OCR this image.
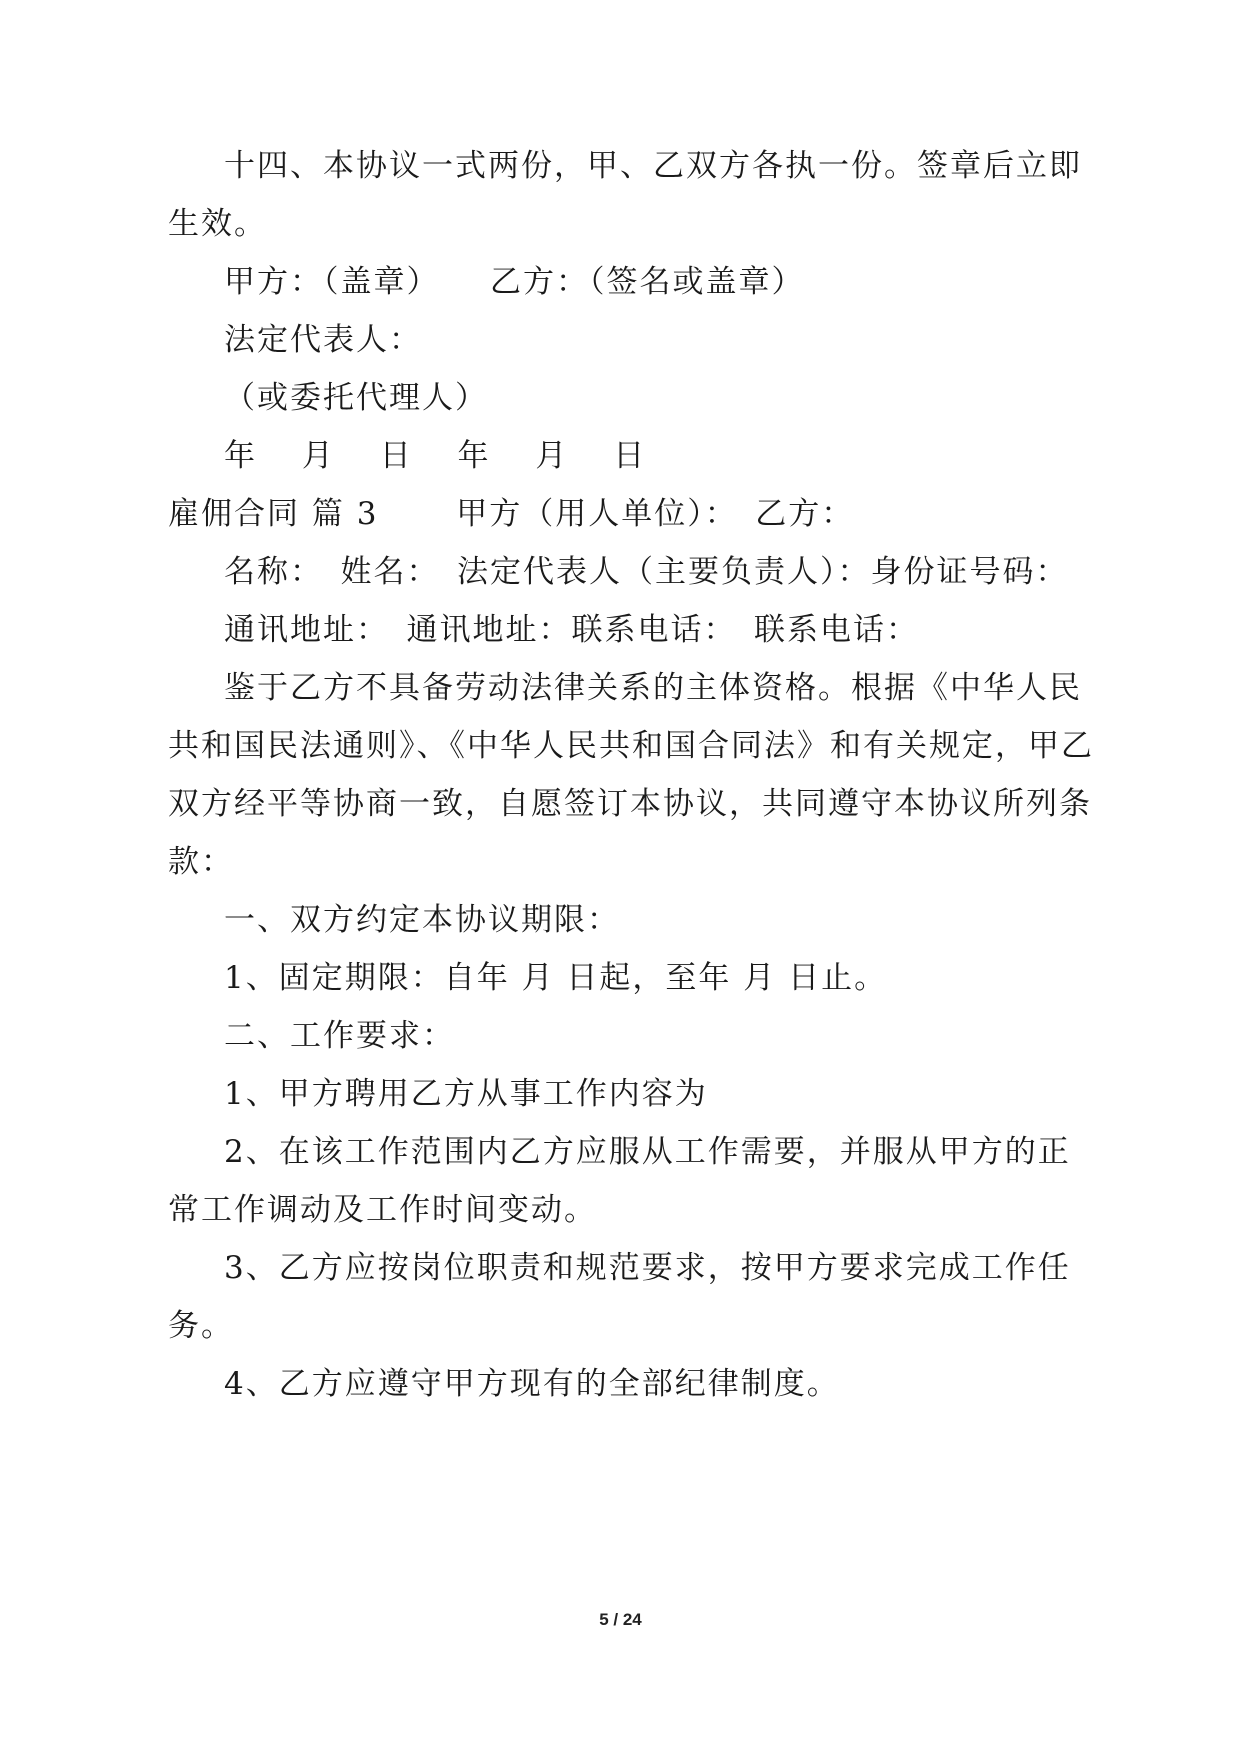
十四、本协议一式两份，甲、乙双方各执一份。签章后立即
生效。
甲方：（盖章）　　乙方：（签名或盖章）
法定代表人：
（或委托代理人）
年　 月　 日　 年　 月　 日
雇佣合同 篇 3　　 甲方（用人单位）：　乙方：
名称：　姓名：　法定代表人（主要负责人）：身份证号码：
通讯地址：　通讯地址：联系电话：　联系电话：
鉴于乙方不具备劳动法律关系的主体资格。根据《中华人民
共和国民法通则》、《中华人民共和国合同法》和有关规定，甲乙
双方经平等协商一致，自愿签订本协议，共同遵守本协议所列条
款：
一、双方约定本协议期限：
1、固定期限：自年 月 日起，至年 月 日止。
二、工作要求：
1、甲方聘用乙方从事工作内容为
2、在该工作范围内乙方应服从工作需要，并服从甲方的正
常工作调动及工作时间变动。
3、乙方应按岗位职责和规范要求，按甲方要求完成工作任
务。
4、乙方应遵守甲方现有的全部纪律制度。
5 / 24
